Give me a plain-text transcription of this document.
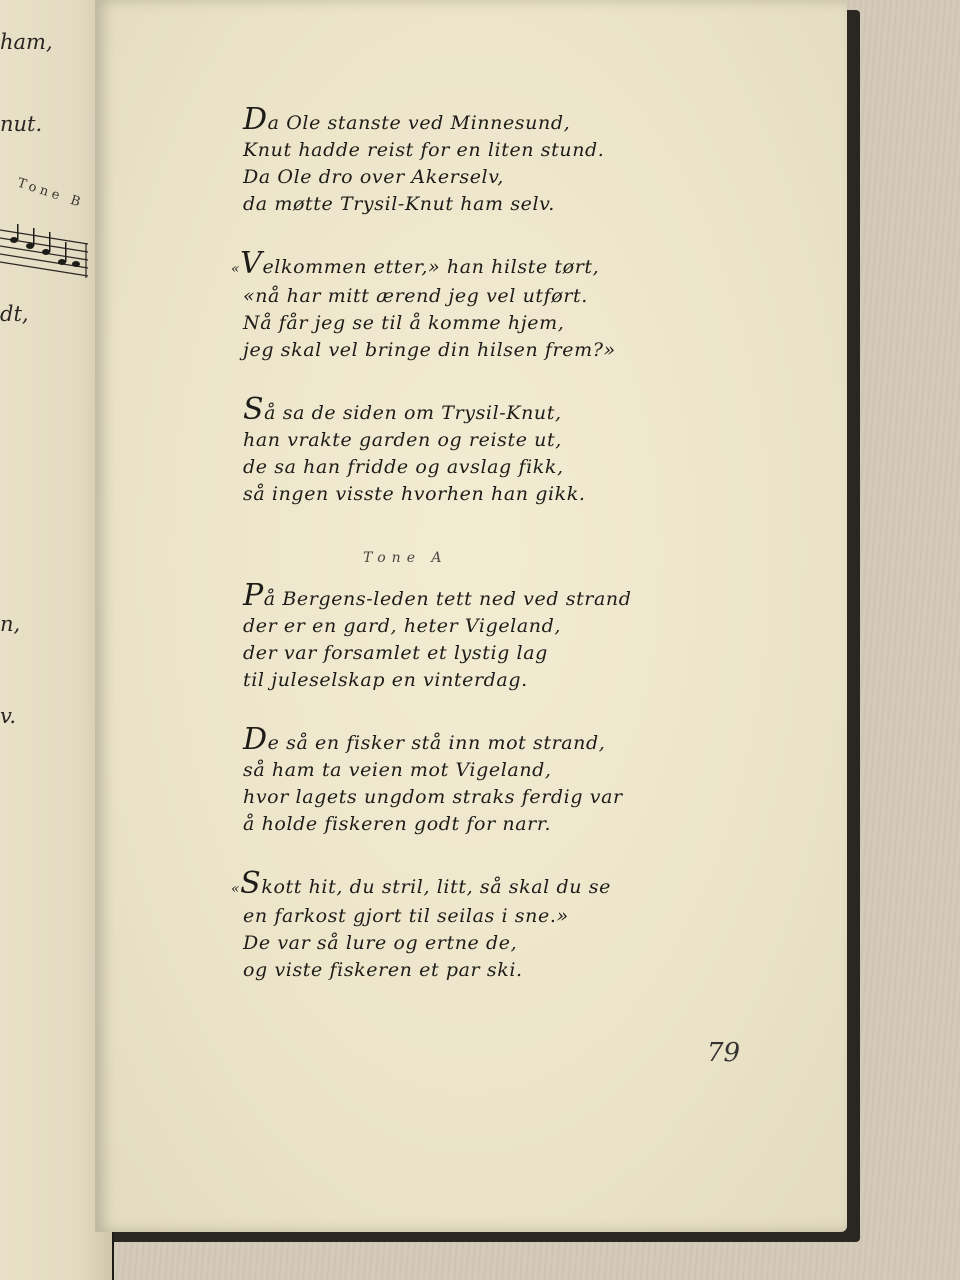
ham,
nut.
Tone B
dt,
n,
v.
Da Ole stanste ved Minnesund,
Knut hadde reist for en liten stund.
Da Ole dro over Akerselv,
da møtte Trysil-Knut ham selv.
«Velkommen etter,» han hilste tørt,
«nå har mitt ærend jeg vel utført.
Nå får jeg se til å komme hjem,
jeg skal vel bringe din hilsen frem?»
Så sa de siden om Trysil-Knut,
han vrakte garden og reiste ut,
de sa han fridde og avslag fikk,
så ingen visste hvorhen han gikk.
Tone A
På Bergens-leden tett ned ved strand
der er en gard, heter Vigeland,
der var forsamlet et lystig lag
til juleselskap en vinterdag.
De så en fisker stå inn mot strand,
så ham ta veien mot Vigeland,
hvor lagets ungdom straks ferdig var
å holde fiskeren godt for narr.
«Skott hit, du stril, litt, så skal du se
en farkost gjort til seilas i sne.»
De var så lure og ertne de,
og viste fiskeren et par ski.
79
